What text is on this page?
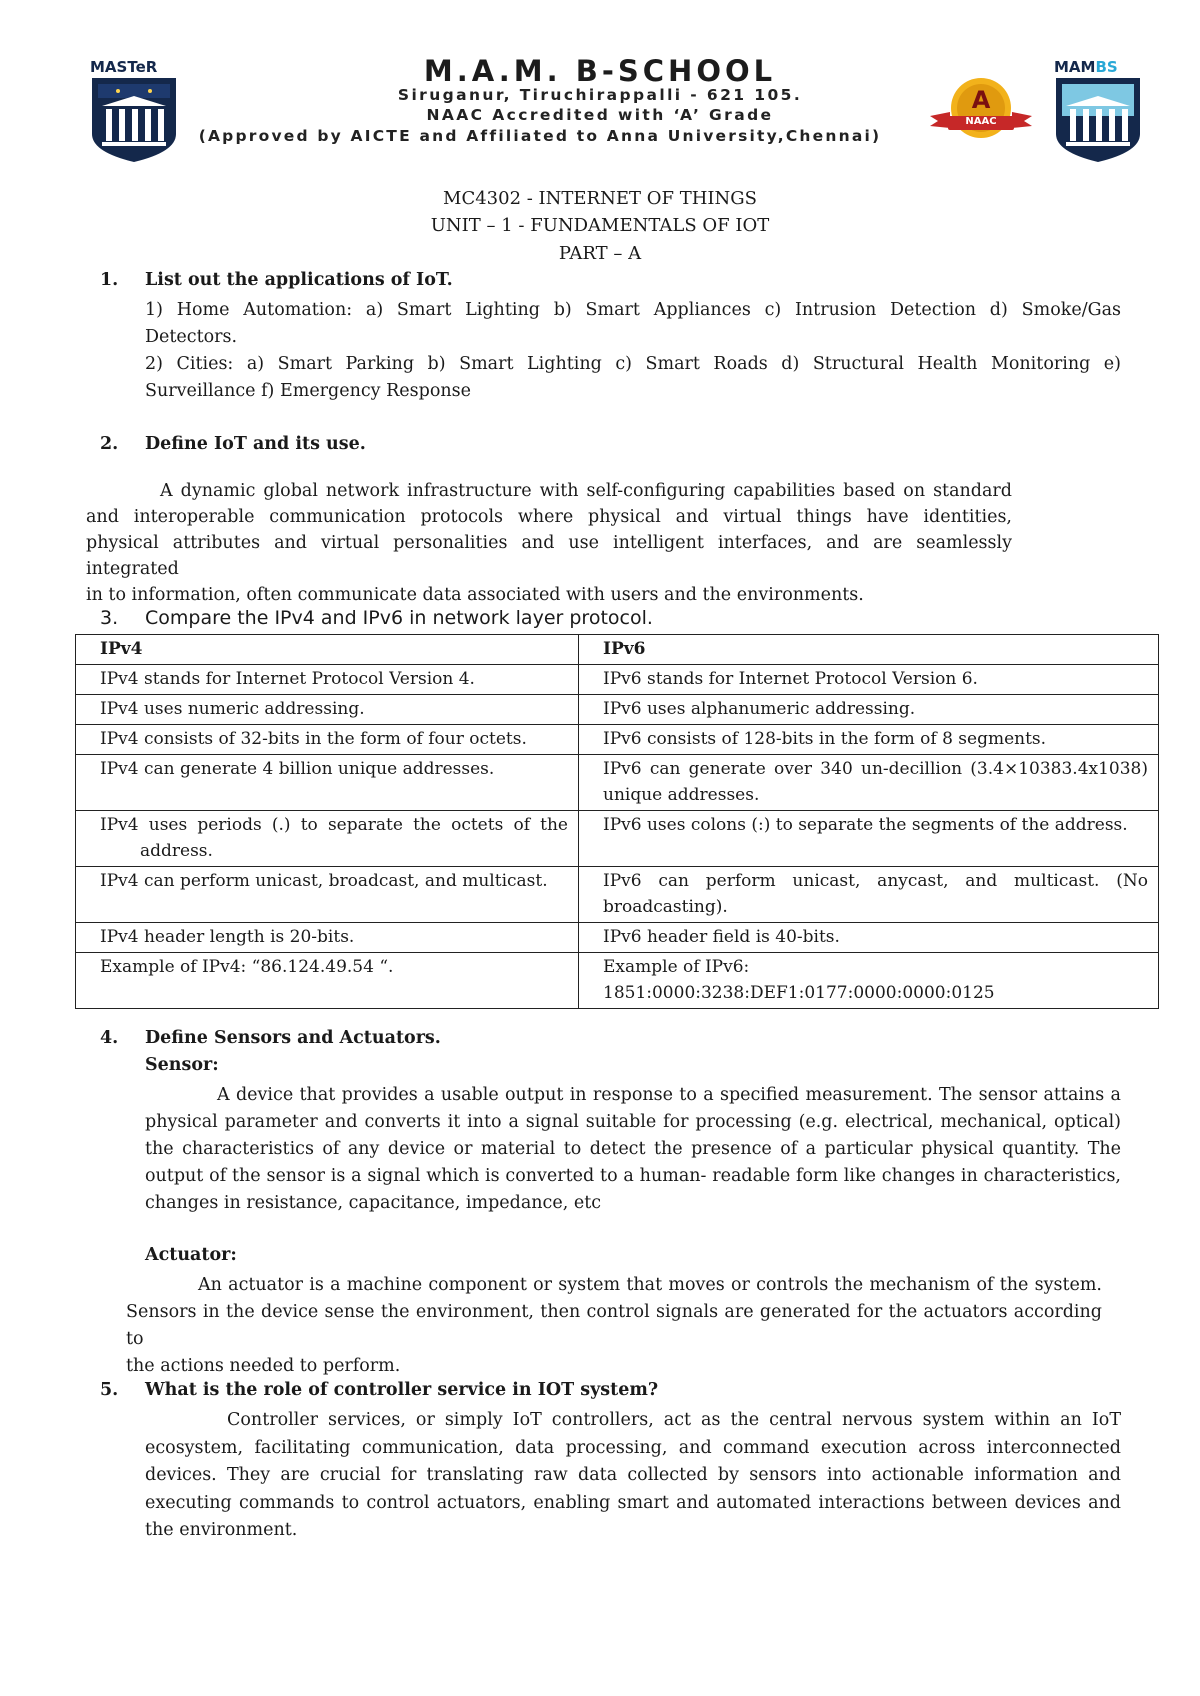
MASTeR	M.A.M. B-SCHOOL
Siruganur, Tiruchirappalli - 621 105.
NAAC Accredited with ‘A’ Grade
(Approved by AICTE and Affiliated to Anna University,Chennai)
A
NAAC
MAMBS
MC4302 - INTERNET OF THINGS
UNIT – 1 - FUNDAMENTALS OF IOT
PART – A
1. List out the applications of IoT.
1) Home Automation: a) Smart Lighting b) Smart Appliances c) Intrusion Detection d) Smoke/Gas
Detectors.
2) Cities: a) Smart Parking b) Smart Lighting c) Smart Roads d) Structural Health Monitoring e)
Surveillance f) Emergency Response
2. Define IoT and its use.
A dynamic global network infrastructure with self-configuring capabilities based on standard
and interoperable communication protocols where physical and virtual things have identities,
physical attributes and virtual personalities and use intelligent interfaces, and are seamlessly integrated
in to information, often communicate data associated with users and the environments.
3. Compare the IPv4 and IPv6 in network layer protocol.
IPv4	IPv6
IPv4 stands for Internet Protocol Version 4.	IPv6 stands for Internet Protocol Version 6.
IPv4 uses numeric addressing.	IPv6 uses alphanumeric addressing.
IPv4 consists of 32-bits in the form of four octets.	IPv6 consists of 128-bits in the form of 8 segments.
IPv4 can generate 4 billion unique addresses.	IPv6 can generate over 340 un-decillion (3.4×10383.4x1038) unique addresses.

IPv4 uses periods (.) to separate the octets of the address.	IPv6 uses colons (:) to separate the segments of the address.
IPv4 can perform unicast, broadcast, and multicast.	IPv6 can perform unicast, anycast, and multicast. (No broadcasting).
IPv4 header length is 20-bits.	IPv6 header field is 40-bits.
Example of IPv4: “86.124.49.54 “.	Example of IPv6:
1851:0000:3238:DEF1:0177:0000:0000:0125
4. Define Sensors and Actuators.
Sensor:
A device that provides a usable output in response to a specified measurement. The sensor attains a
physical parameter and converts it into a signal suitable for processing (e.g. electrical, mechanical, optical)
the characteristics of any device or material to detect the presence of a particular physical quantity. The
output of the sensor is a signal which is converted to a human- readable form like changes in characteristics,
changes in resistance, capacitance, impedance, etc
Actuator:
An actuator is a machine component or system that moves or controls the mechanism of the system.
Sensors in the device sense the environment, then control signals are generated for the actuators according to
the actions needed to perform.
5. What is the role of controller service in IOT system?
Controller services, or simply IoT controllers, act as the central nervous system within an IoT
ecosystem, facilitating communication, data processing, and command execution across interconnected
devices. They are crucial for translating raw data collected by sensors into actionable information and
executing commands to control actuators, enabling smart and automated interactions between devices and
the environment.
